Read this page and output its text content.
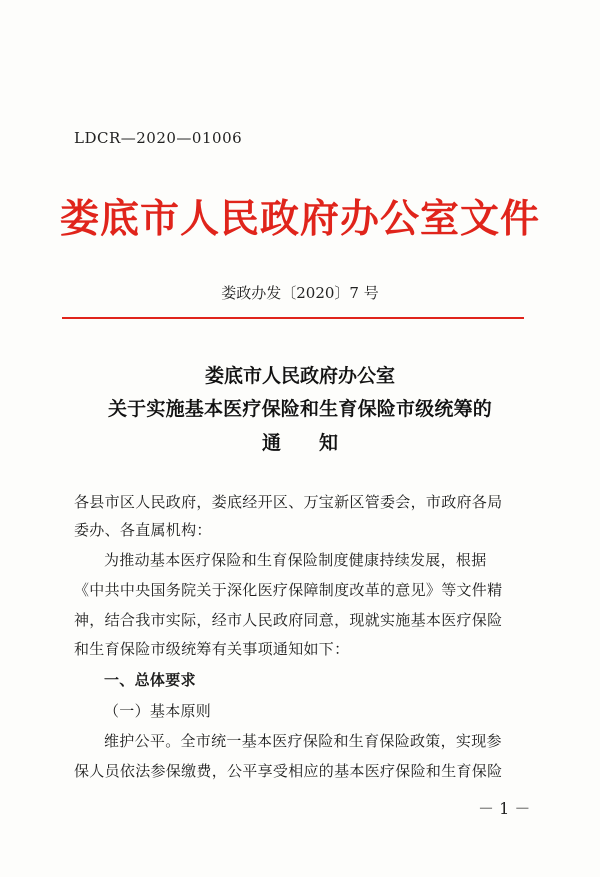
LDCR—2020—01006
娄底市人民政府办公室文件
娄政办发〔2020〕7 号
娄底市人民政府办公室
关于实施基本医疗保险和生育保险市级统筹的
通 知
各县市区人民政府，娄底经开区、万宝新区管委会，市政府各局
委办、各直属机构：
为推动基本医疗保险和生育保险制度健康持续发展，根据
《中共中央国务院关于深化医疗保障制度改革的意见》等文件精
神，结合我市实际，经市人民政府同意，现就实施基本医疗保险
和生育保险市级统筹有关事项通知如下：
一、总体要求
（一）基本原则
维护公平。全市统一基本医疗保险和生育保险政策，实现参
保人员依法参保缴费，公平享受相应的基本医疗保险和生育保险
－ 1 －
